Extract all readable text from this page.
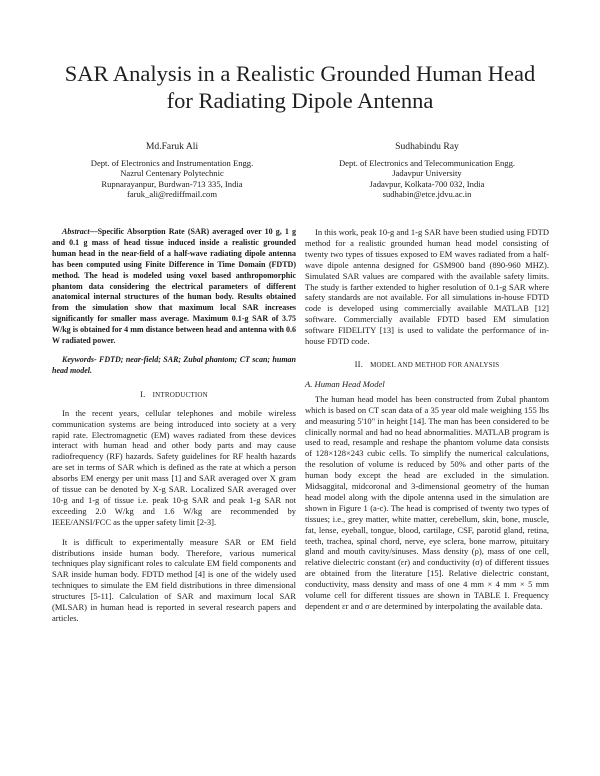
SAR Analysis in a Realistic Grounded Human Head
for Radiating Dipole Antenna
Md.Faruk Ali
Dept. of Electronics and Instrumentation Engg.
Nazrul Centenary Polytechnic
Rupnarayanpur, Burdwan-713 335, India
faruk_ali@rediffmail.com
Sudhabindu Ray
Dept. of Electronics and Telecommunication Engg.
Jadavpur University
Jadavpur, Kolkata-700 032, India
sudhabin@etce.jdvu.ac.in

Abstract—Specific Absorption Rate (SAR) averaged over 10 g, 1 g and 0.1 g mass of head tissue induced inside a realistic grounded human head in the near-field of a half-wave radiating dipole antenna has been computed using Finite Difference in Time Domain (FDTD) method. The head is modeled using voxel based anthropomorphic phantom data considering the electrical parameters of different anatomical internal structures of the human body. Results obtained from the simulation show that maximum local SAR increases significantly for smaller mass average. Maximum 0.1-g SAR of 3.75 W/kg is obtained for 4 mm distance between head and antenna with 0.6 W radiated power.

Keywords- FDTD; near-field; SAR; Zubal phantom; CT scan; human head model.

I. INTRODUCTION

In the recent years, cellular telephones and mobile wireless communication systems are being introduced into society at a very rapid rate. Electromagnetic (EM) waves radiated from these devices interact with human head and other body parts and may cause radiofrequency (RF) hazards. Safety guidelines for RF health hazards are set in terms of SAR which is defined as the rate at which a person absorbs EM energy per unit mass [1] and SAR averaged over X gram of tissue can be denoted by X-g SAR. Localized SAR averaged over 10-g and 1-g of tissue i.e. peak 10-g SAR and peak 1-g SAR not exceeding 2.0 W/kg and 1.6 W/kg are recommended by IEEE/ANSI/FCC as the upper safety limit [2-3].

It is difficult to experimentally measure SAR or EM field distributions inside human body. Therefore, various numerical techniques play significant roles to calculate EM field components and SAR inside human body. FDTD method [4] is one of the widely used techniques to simulate the EM field distributions in three dimensional structures [5-11]. Calculation of SAR and maximum local SAR (MLSAR) in human head is reported in several research papers and articles.

In this work, peak 10-g and 1-g SAR have been studied using FDTD method for a realistic grounded human head model consisting of twenty two types of tissues exposed to EM waves radiated from a half-wave dipole antenna designed for GSM900 band (890-960 MHZ). Simulated SAR values are compared with the available safety limits. The study is farther extended to higher resolution of 0.1-g SAR where safety standards are not available. For all simulations in-house FDTD code is developed using commercially available MATLAB [12] software. Commercially available FDTD based EM simulation software FIDELITY [13] is used to validate the performance of in-house FDTD code.

II. MODEL AND METHOD FOR ANALYSIS
A. Human Head Model

The human head model has been constructed from Zubal phantom which is based on CT scan data of a 35 year old male weighing 155 lbs and measuring 5'10" in height [14]. The man has been considered to be clinically normal and had no head abnormalities. MATLAB program is used to read, resample and reshape the phantom volume data consists of 128×128×243 cubic cells. To simplify the numerical calculations, the resolution of volume is reduced by 50% and other parts of the human body except the head are excluded in the simulation. Midsaggital, midcoronal and 3-dimensional geometry of the human head model along with the dipole antenna used in the simulation are shown in Figure 1 (a-c). The head is comprised of twenty two types of tissues; i.e., grey matter, white matter, cerebellum, skin, bone, muscle, fat, lense, eyeball, tongue, blood, cartilage, CSF, parotid gland, retina, teeth, trachea, spinal chord, nerve, eye sclera, bone marrow, pituitary gland and mouth cavity/sinuses. Mass density (ρ), mass of one cell, relative dielectric constant (εr) and conductivity (σ) of different tissues are obtained from the literature [15]. Relative dielectric constant, conductivity, mass density and mass of one 4 mm × 4 mm × 5 mm volume cell for different tissues are shown in TABLE I. Frequency dependent εr and σ are determined by interpolating the available data.
